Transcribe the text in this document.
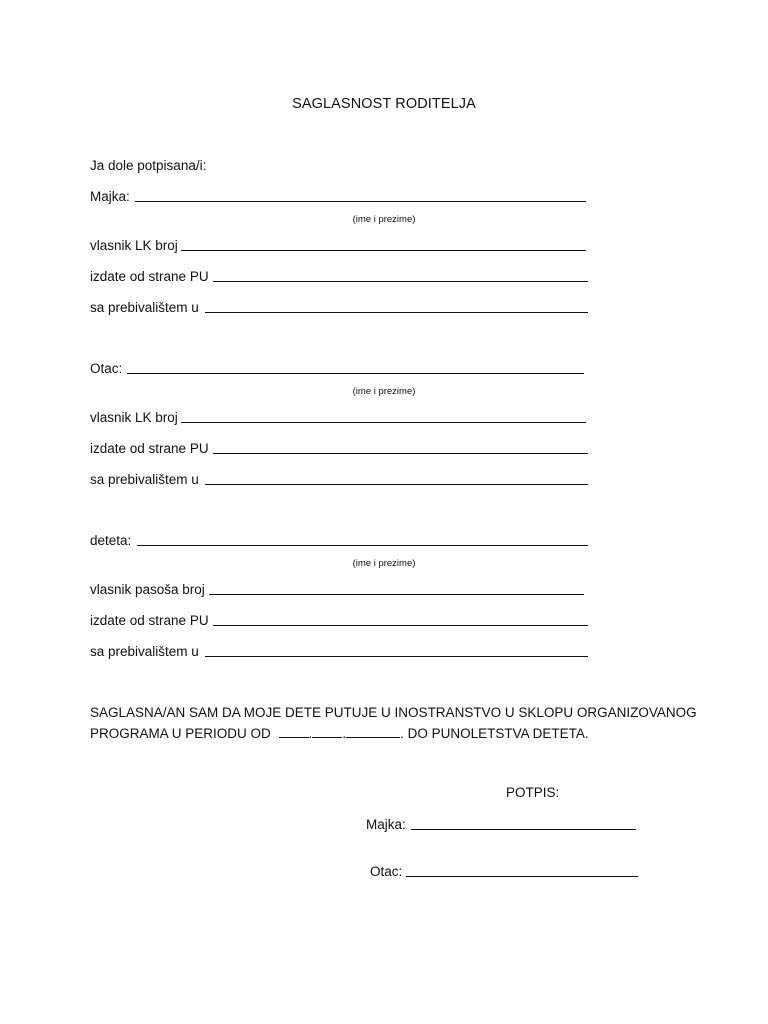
SAGLASNOST RODITELJA
Ja dole potpisana/i:
Majka:
(ime i prezime)
vlasnik LK broj
izdate od strane PU
sa prebivalištem u
Otac:
(ime i prezime)
vlasnik LK broj
izdate od strane PU
sa prebivalištem u
deteta:
(ime i prezime)
vlasnik pasoša broj
izdate od strane PU
sa prebivalištem u
SAGLASNA/AN SAM DA MOJE DETE PUTUJE U INOSTRANSTVO U SKLOPU ORGANIZOVANOG
PROGRAMA U PERIODU OD	. .	. DO PUNOLETSTVA DETETA.
POTPIS:
Majka:
Otac:
